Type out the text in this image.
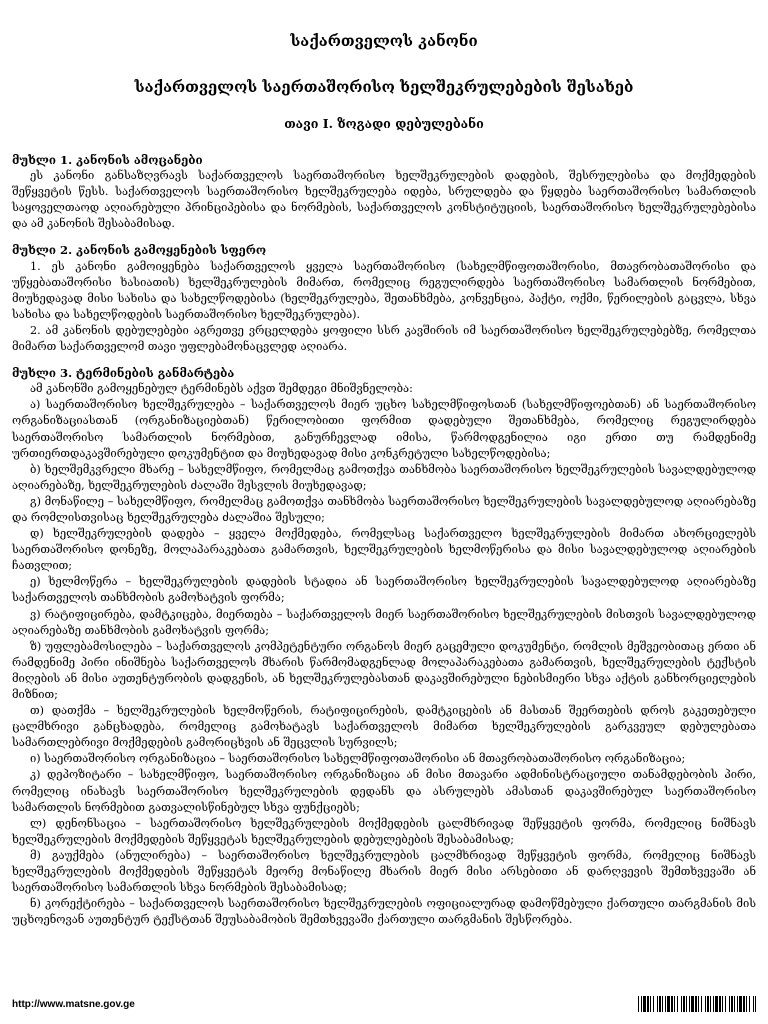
საქართველოს კანონი
საქართველოს საერთაშორისო ხელშეკრულებების შესახებ
თავი I. ზოგადი დებულებანი

მუხლი 1. კანონის ამოცანები

ეს კანონი განსაზღვრავს საქართველოს საერთაშორისო ხელშეკრულების დადების, შესრულებისა და მოქმედების შეწყვეტის წესს. საქართველოს საერთაშორისო ხელშეკრულება იდება, სრულდება და წყდება საერთაშორისო სამართლის საყოველთაოდ აღიარებული პრინციპებისა და ნორმების, საქართველოს კონსტიტუციის, საერთაშორისო ხელშეკრულებებისა და ამ კანონის შესაბამისად.

მუხლი 2. კანონის გამოყენების სფერო

1. ეს კანონი გამოიყენება საქართველოს ყველა საერთაშორისო (სახელმწიფოთაშორისი, მთავრობათაშორისი და უწყებათაშორისი ხასიათის) ხელშეკრულების მიმართ, რომელიც რეგულირდება საერთაშორისო სამართლის ნორმებით, მიუხედავად მისი სახისა და სახელწოდებისა (ხელშეკრულება, შეთანხმება, კონვენცია, პაქტი, ოქმი, წერილების გაცვლა, სხვა სახისა და სახელწოდების საერთაშორისო ხელშეკრულება).

2. ამ კანონის დებულებები აგრეთვე ვრცელდება ყოფილი სსრ კავშირის იმ საერთაშორისო ხელშეკრულებებზე, რომელთა მიმართ საქართველომ თავი უფლებამონაცვლედ აღიარა.

მუხლი 3. ტერმინების განმარტება

ამ კანონში გამოყენებულ ტერმინებს აქვთ შემდეგი მნიშვნელობა:

ა) საერთაშორისო ხელშეკრულება – საქართველოს მიერ უცხო სახელმწიფოსთან (სახელმწიფოებთან) ან საერთაშორისო ორგანიზაციასთან (ორგანიზაციებთან) წერილობითი ფორმით დადებული შეთანხმება, რომელიც რეგულირდება საერთაშორისო სამართლის ნორმებით, განურჩევლად იმისა, წარმოდგენილია იგი ერთი თუ რამდენიმე ურთიერთდაკავშირებული დოკუმენტით და მიუხედავად მისი კონკრეტული სახელწოდებისა;

ბ) ხელშემკვრელი მხარე – სახელმწიფო, რომელმაც გამოთქვა თანხმობა საერთაშორისო ხელშეკრულების სავალდებულოდ აღიარებაზე, ხელშეკრულების ძალაში შესვლის მიუხედავად;

გ) მონაწილე – სახელმწიფო, რომელმაც გამოთქვა თანხმობა საერთაშორისო ხელშეკრულების სავალდებულოდ აღიარებაზე და რომლისთვისაც ხელშეკრულება ძალაშია შესული;

დ) ხელშეკრულების დადება – ყველა მოქმედება, რომელსაც საქართველო ხელშეკრულების მიმართ ახორციელებს საერთაშორისო დონეზე, მოლაპარაკებათა გამართვის, ხელშეკრულების ხელმოწერისა და მისი სავალდებულოდ აღიარების ჩათვლით;

ე) ხელმოწერა – ხელშეკრულების დადების სტადია ან საერთაშორისო ხელშეკრულების სავალდებულოდ აღიარებაზე საქართველოს თანხმობის გამოხატვის ფორმა;

ვ) რატიფიცირება, დამტკიცება, მიერთება – საქართველოს მიერ საერთაშორისო ხელშეკრულების მისთვის სავალდებულოდ აღიარებაზე თანხმობის გამოხატვის ფორმა;

ზ) უფლებამოსილება – საქართველოს კომპეტენტური ორგანოს მიერ გაცემული დოკუმენტი, რომლის მეშვეობითაც ერთი ან რამდენიმე პირი ინიშნება საქართველოს მხარის წარმომადგენლად მოლაპარაკებათა გამართვის, ხელშეკრულების ტექსტის მიღების ან მისი აუთენტურობის დადგენის, ან ხელშეკრულებასთან დაკავშირებული ნებისმიერი სხვა აქტის განხორციელების მიზნით;

თ) დათქმა – ხელშეკრულების ხელმოწერის, რატიფიცირების, დამტკიცების ან მასთან შეერთების დროს გაკეთებული ცალმხრივი განცხადება, რომელიც გამოხატავს საქართველოს მიმართ ხელშეკრულების გარკვეულ დებულებათა სამართლებრივი მოქმედების გამორიცხვის ან შეცვლის სურვილს;

ი) საერთაშორისო ორგანიზაცია – საერთაშორისო სახელმწიფოთაშორისი ან მთავრობათაშორისო ორგანიზაცია;

კ) დეპოზიტარი – სახელმწიფო, საერთაშორისო ორგანიზაცია ან მისი მთავარი ადმინისტრაციული თანამდებობის პირი, რომელიც ინახავს საერთაშორისო ხელშეკრულების დედანს და ასრულებს ამასთან დაკავშირებულ საერთაშორისო სამართლის ნორმებით გათვალისწინებულ სხვა ფუნქციებს;

ლ) დენონსაცია – საერთაშორისო ხელშეკრულების მოქმედების ცალმხრივად შეწყვეტის ფორმა, რომელიც ნიშნავს ხელშეკრულების მოქმედების შეწყვეტას ხელშეკრულების დებულებების შესაბამისად;

მ) გაუქმება (ანულირება) – საერთაშორისო ხელშეკრულების ცალმხრივად შეწყვეტის ფორმა, რომელიც ნიშნავს ხელშეკრულების მოქმედების შეწყვეტას მეორე მონაწილე მხარის მიერ მისი არსებითი ან დარღვევის შემთხვევაში ან საერთაშორისო სამართლის სხვა ნორმების შესაბამისად;

ნ) კორექტირება – საქართველოს საერთაშორისო ხელშეკრულების ოფიციალურად დამოწმებული ქართული თარგმანის მის უცხოენოვან აუთენტურ ტექსტთან შეუსაბამობის შემთხვევაში ქართული თარგმანის შესწორება.

http://www.matsne.gov.ge
